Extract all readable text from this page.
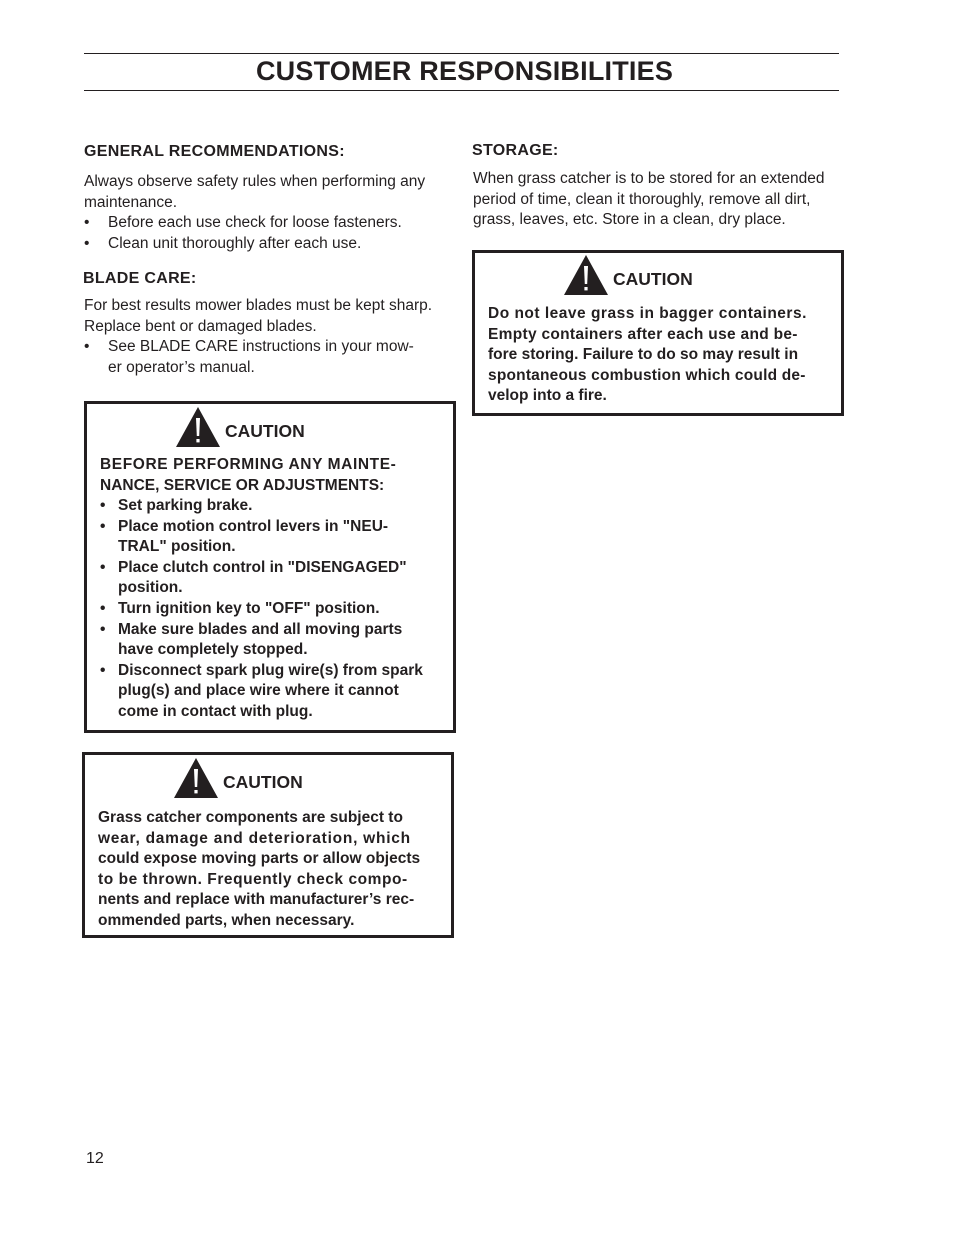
CUSTOMER RESPONSIBILITIES
GENERAL RECOMMENDATIONS:

Always observe safety rules when performing any
maintenance.

• Before each use check for loose fasteners.
• Clean unit thoroughly after each use.
BLADE CARE:

For best results mower blades must be kept sharp.
Replace bent or damaged blades.

• See BLADE CARE instructions in your mow-
er operator’s manual.
CAUTION

BEFORE PERFORMING ANY MAINTE-
NANCE, SERVICE OR ADJUSTMENTS:

• Set parking brake.
• Place motion control levers in "NEU-
TRAL" position.
• Place clutch control in "DISENGAGED"
position.
• Turn ignition key to "OFF" position.
• Make sure blades and all moving parts
have completely stopped.
• Disconnect spark plug wire(s) from spark
plug(s) and place wire where it cannot
come in contact with plug.
CAUTION

Grass catcher components are subject to
wear, damage and deterioration, which
could expose moving parts or allow objects
to be thrown. Frequently check compo-
nents and replace with manufacturer’s rec-
ommended parts, when necessary.

STORAGE:

When grass catcher is to be stored for an extended
period of time, clean it thoroughly, remove all dirt,
grass, leaves, etc. Store in a clean, dry place.

CAUTION

Do not leave grass in bagger containers.
Empty containers after each use and be-
fore storing. Failure to do so may result in
spontaneous combustion which could de-
velop into a fire.

12
